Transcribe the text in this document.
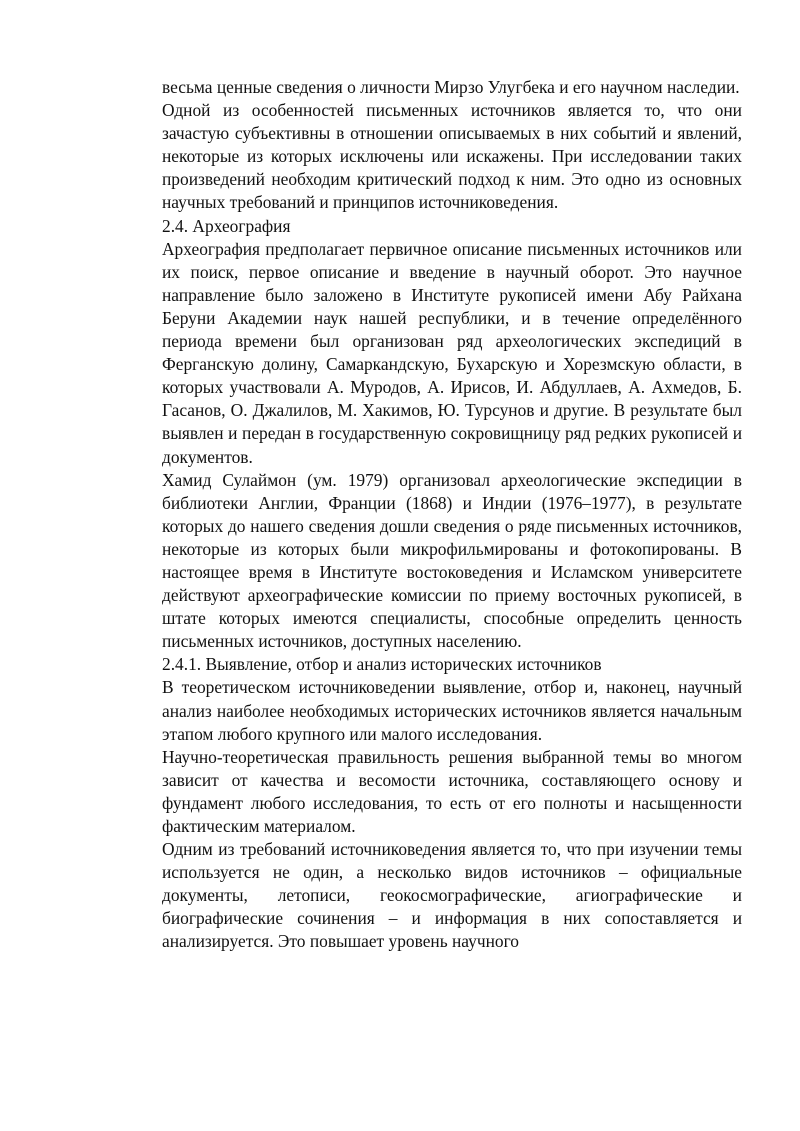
весьма ценные сведения о личности Мирзо Улугбека и его научном наследии.

Одной из особенностей письменных источников является то, что они зачастую субъективны в отношении описываемых в них событий и явлений, некоторые из которых исключены или искажены. При исследовании таких произведений необходим критический подход к ним. Это одно из основных научных требований и принципов источниковедения.

2.4. Археография

Археография предполагает первичное описание письменных источников или их поиск, первое описание и введение в научный оборот. Это научное направление было заложено в Институте рукописей имени Абу Райхана Беруни Академии наук нашей республики, и в течение определённого периода времени был организован ряд археологических экспедиций в Ферганскую долину, Самаркандскую, Бухарскую и Хорезмскую области, в которых участвовали А. Муродов, А. Ирисов, И. Абдуллаев, А. Ахмедов, Б. Гасанов, О. Джалилов, М. Хакимов, Ю. Турсунов и другие. В результате был выявлен и передан в государственную сокровищницу ряд редких рукописей и документов.

Хамид Сулаймон (ум. 1979) организовал археологические экспедиции в библиотеки Англии, Франции (1868) и Индии (1976–1977), в результате которых до нашего сведения дошли сведения о ряде письменных источников, некоторые из которых были микрофильмированы и фотокопированы. В настоящее время в Институте востоковедения и Исламском университете действуют археографические комиссии по приему восточных рукописей, в штате которых имеются специалисты, способные определить ценность письменных источников, доступных населению.

2.4.1. Выявление, отбор и анализ исторических источников

В теоретическом источниковедении выявление, отбор и, наконец, научный анализ наиболее необходимых исторических источников является начальным этапом любого крупного или малого исследования.

Научно-теоретическая правильность решения выбранной темы во многом зависит от качества и весомости источника, составляющего основу и фундамент любого исследования, то есть от его полноты и насыщенности фактическим материалом.

Одним из требований источниковедения является то, что при изучении темы используется не один, а несколько видов источников – официальные документы, летописи, геокосмографические, агиографические и биографические сочинения – и информация в них сопоставляется и анализируется. Это повышает уровень научного
